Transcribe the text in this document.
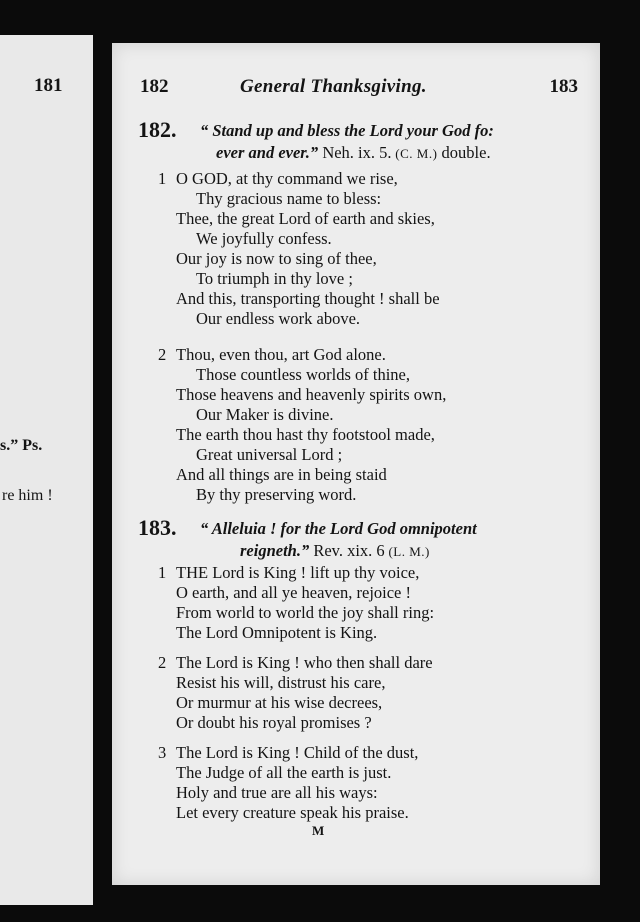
181
s.” Ps.
re him !
182	General Thanksgiving.	183
182. “ Stand up and bless the Lord your God fo:
ever and ever.” Neh. ix. 5. (C. M.) double.
1 O GOD, at thy command we rise,
Thy gracious name to bless:
Thee, the great Lord of earth and skies,
We joyfully confess.
Our joy is now to sing of thee,
To triumph in thy love ;
And this, transporting thought ! shall be
Our endless work above.
2 Thou, even thou, art God alone.
Those countless worlds of thine,
Those heavens and heavenly spirits own,
Our Maker is divine.
The earth thou hast thy footstool made,
Great universal Lord ;
And all things are in being staid
By thy preserving word.
183. “ Alleluia ! for the Lord God omnipotent
reigneth.” Rev. xix. 6 (L. M.)
1 THE Lord is King ! lift up thy voice,
O earth, and all ye heaven, rejoice !
From world to world the joy shall ring:
The Lord Omnipotent is King.
2 The Lord is King ! who then shall dare
Resist his will, distrust his care,
Or murmur at his wise decrees,
Or doubt his royal promises ?
3 The Lord is King ! Child of the dust,
The Judge of all the earth is just.
Holy and true are all his ways:
Let every creature speak his praise.
M
